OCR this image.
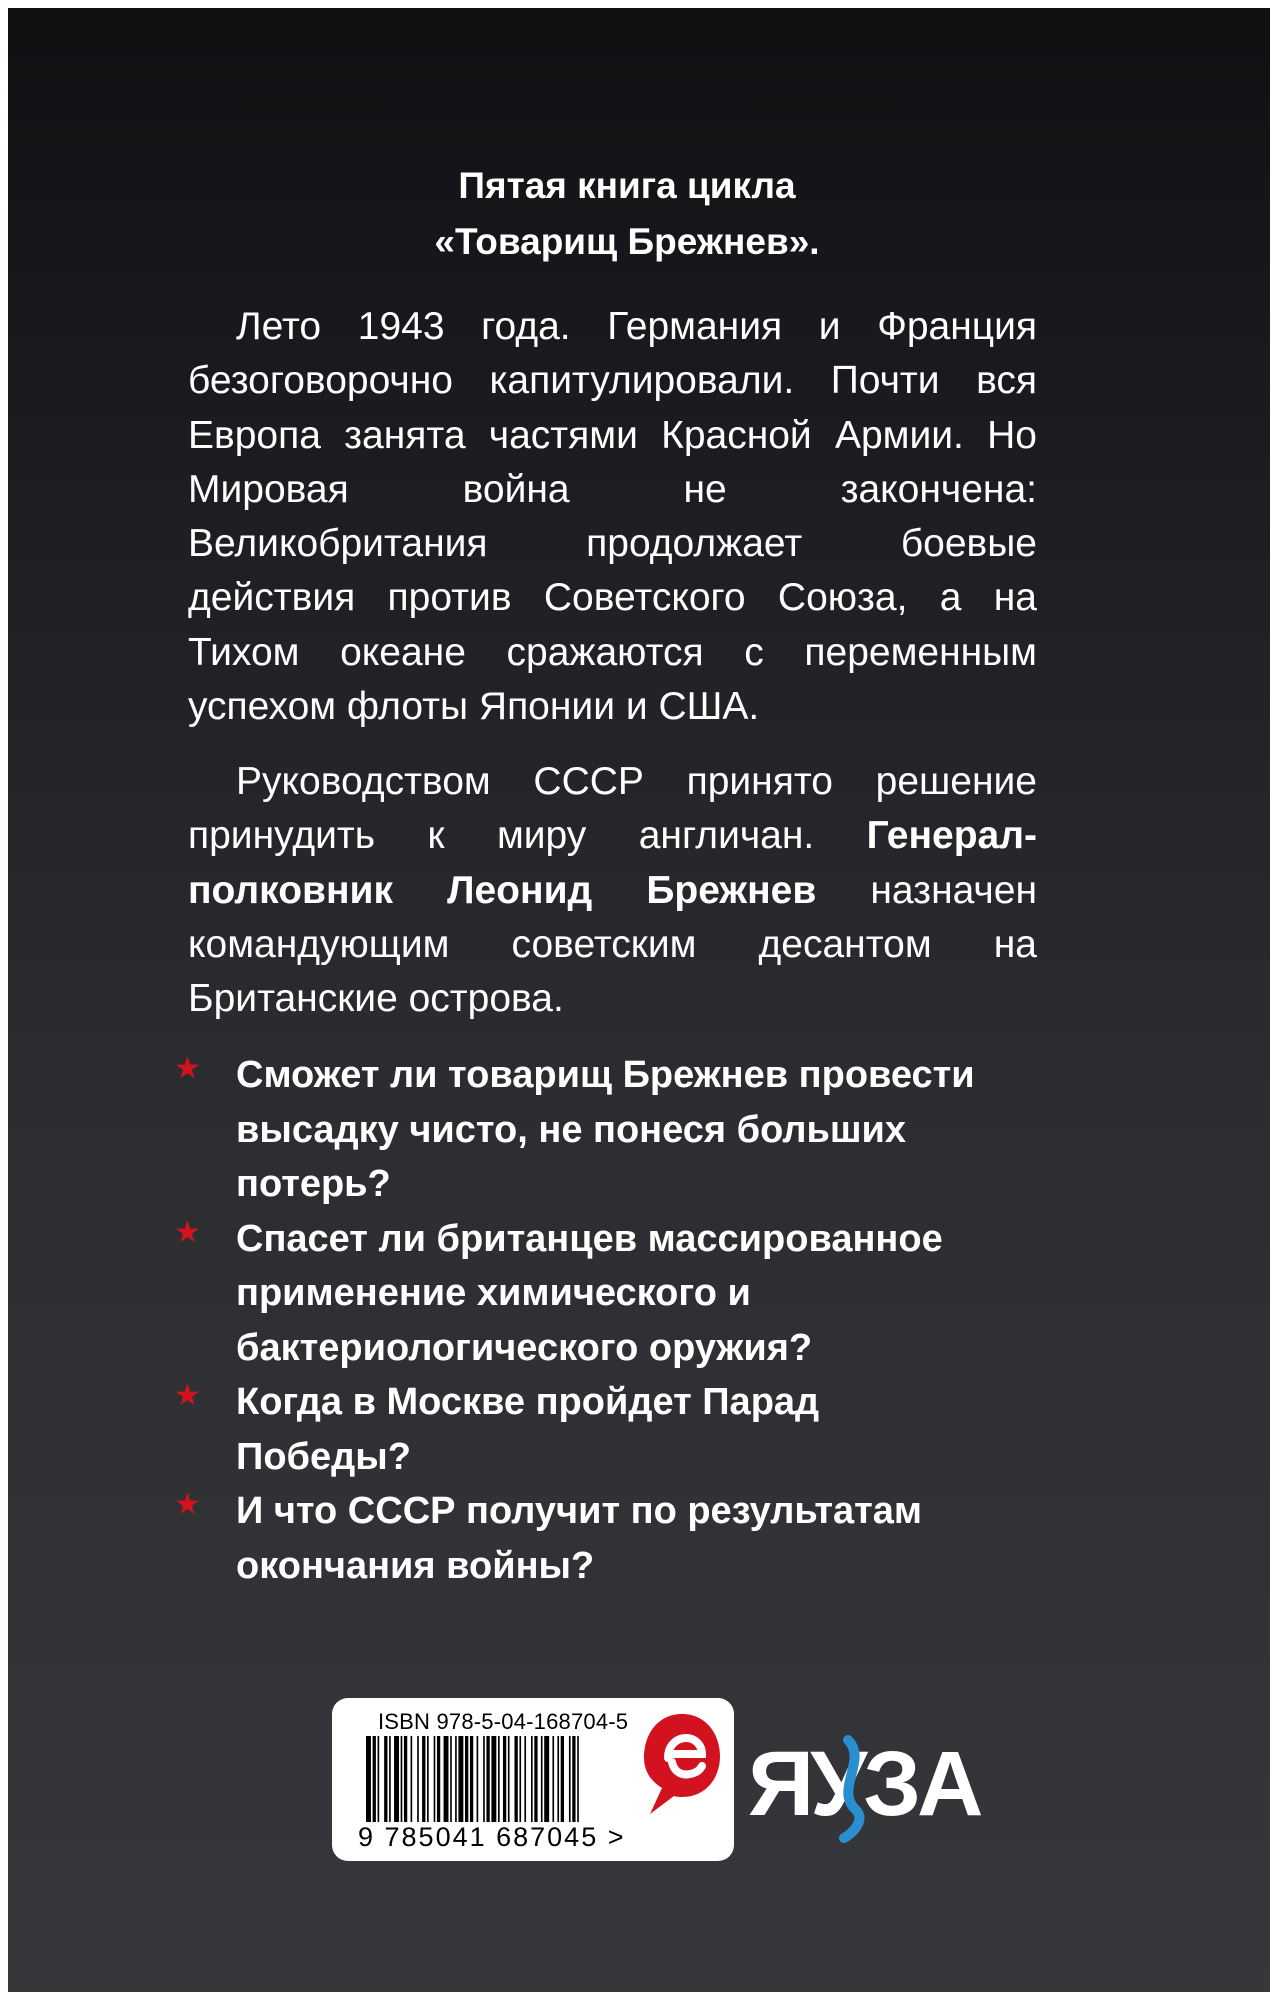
Пятая книга цикла
«Товарищ Брежнев».

Лето 1943 года. Германия и Франция безоговорочно капитулировали. Почти вся Европа занята частями Красной Армии. Но Мировая война не закончена: Великобритания продолжает боевые действия против Советского Союза, а на Тихом океане сражаются с переменным успехом флоты Японии и США.

Руководством СССР принято решение принудить к миру англичан. Генерал-полковник Леонид Брежнев назначен командующим советским десантом на Британские острова.

★ Сможет ли товарищ Брежнев провести высадку чисто, не понеся больших потерь?
★ Спасет ли британцев массированное применение химического и бактериологического оружия?
★ Когда в Москве пройдет Парад Победы?
★ И что СССР получит по результатам окончания войны?
ISBN 978-5-04-168704-5
9 785041 687045 >
ЯУЗА
